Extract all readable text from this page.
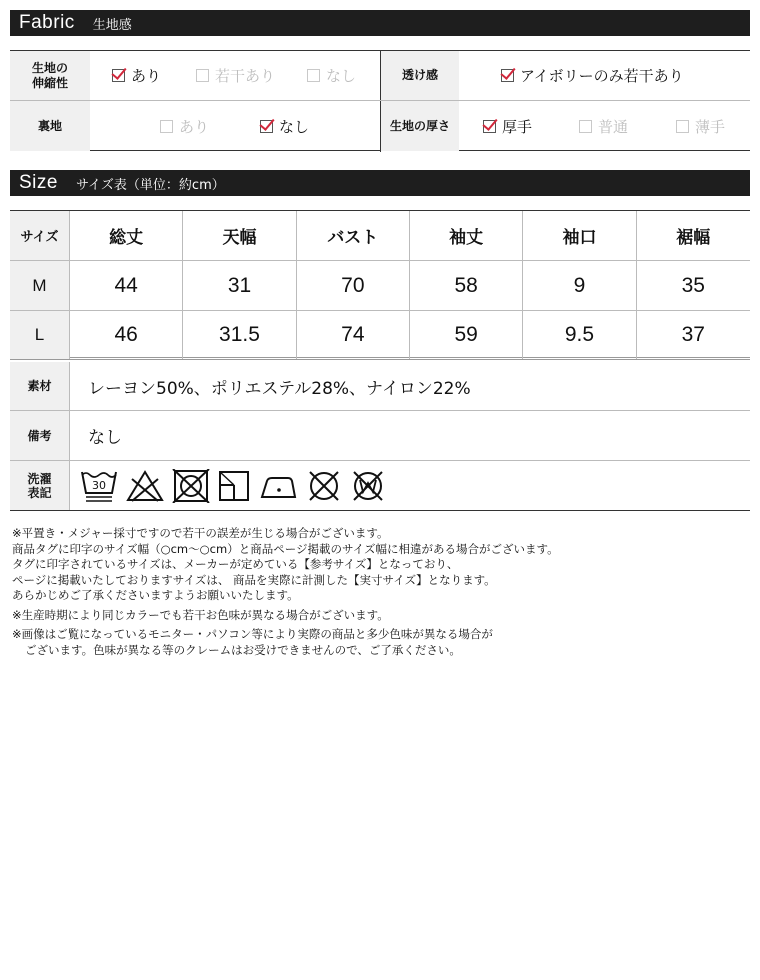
Fabric 生地感
生地の
伸縮性	あり	若干あり	なし	透け感	アイボリーのみ若干あり
裏地	あり	なし	生地の厚さ	厚手	普通	薄手
Size サイズ表（単位：約cm）
サイズ	総丈	天幅	バスト	袖丈	袖口	裾幅
M	44	31	70	58	9	35
L	46	31.5	74	59	9.5	37
素材	レーヨン50%、ポリエステル28%、ナイロン22%
備考	なし
洗濯
表記
30

※平置き・メジャー採寸ですので若干の誤差が生じる場合がございます。

商品タグに印字のサイズ幅（○cm〜○cm）と商品ページ掲載のサイズ幅に相違がある場合がございます。

タグに印字されているサイズは、メーカーが定めている【参考サイズ】となっており、

ページに掲載いたしておりますサイズは、 商品を実際に計測した【実寸サイズ】となります。

あらかじめご了承くださいますようお願いいたします。

※生産時期により同じカラーでも若干お色味が異なる場合がございます。

※画像はご覧になっているモニター・パソコン等により実際の商品と多少色味が異なる場合が

ございます。色味が異なる等のクレームはお受けできませんので、ご了承ください。
